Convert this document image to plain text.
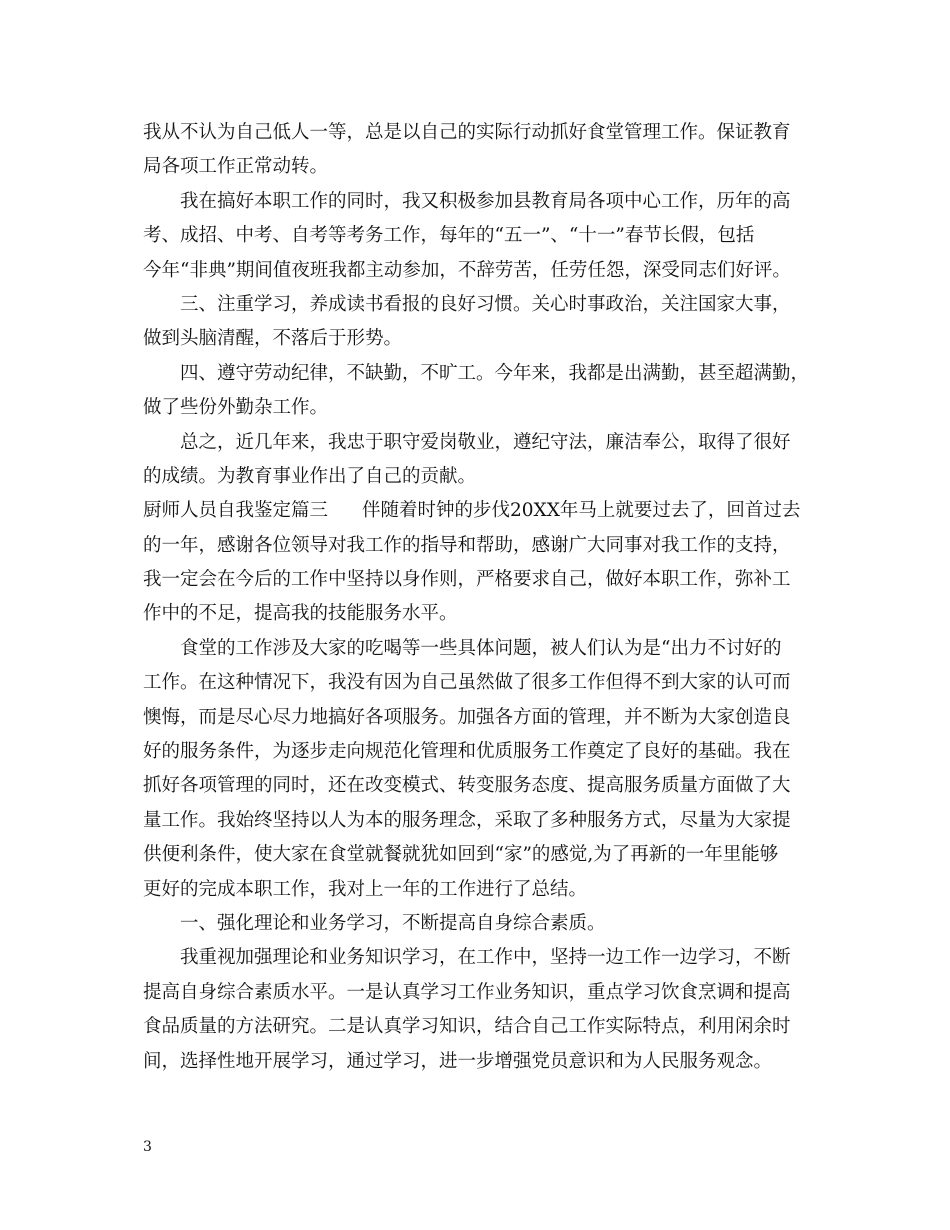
我从不认为自己低人一等，总是以自己的实际行动抓好食堂管理工作。保证教育
局各项工作正常动转。
我在搞好本职工作的同时，我又积极参加县教育局各项中心工作，历年的高
考、成招、中考、自考等考务工作，每年的“五一”、“十一”春节长假，包括
今年“非典”期间值夜班我都主动参加，不辞劳苦，任劳任怨，深受同志们好评。
三、注重学习，养成读书看报的良好习惯。关心时事政治，关注国家大事，
做到头脑清醒，不落后于形势。
四、遵守劳动纪律，不缺勤，不旷工。今年来，我都是出满勤，甚至超满勤，
做了些份外勤杂工作。
总之，近几年来，我忠于职守爱岗敬业，遵纪守法，廉洁奉公，取得了很好
的成绩。为教育事业作出了自己的贡献。
厨师人员自我鉴定篇三 伴随着时钟的步伐20XX年马上就要过去了，回首过去
的一年，感谢各位领导对我工作的指导和帮助，感谢广大同事对我工作的支持，
我一定会在今后的工作中坚持以身作则，严格要求自己，做好本职工作，弥补工
作中的不足，提高我的技能服务水平。
食堂的工作涉及大家的吃喝等一些具体问题，被人们认为是“出力不讨好的
工作。在这种情况下，我没有因为自己虽然做了很多工作但得不到大家的认可而
懊悔，而是尽心尽力地搞好各项服务。加强各方面的管理，并不断为大家创造良
好的服务条件，为逐步走向规范化管理和优质服务工作奠定了良好的基础。我在
抓好各项管理的同时，还在改变模式、转变服务态度、提高服务质量方面做了大
量工作。我始终坚持以人为本的服务理念，采取了多种服务方式，尽量为大家提
供便利条件，使大家在食堂就餐就犹如回到“家”的感觉,为了再新的一年里能够
更好的完成本职工作，我对上一年的工作进行了总结。
一、强化理论和业务学习，不断提高自身综合素质。
我重视加强理论和业务知识学习，在工作中，坚持一边工作一边学习，不断
提高自身综合素质水平。一是认真学习工作业务知识，重点学习饮食烹调和提高
食品质量的方法研究。二是认真学习知识，结合自己工作实际特点，利用闲余时
间，选择性地开展学习，通过学习，进一步增强党员意识和为人民服务观念。
3
